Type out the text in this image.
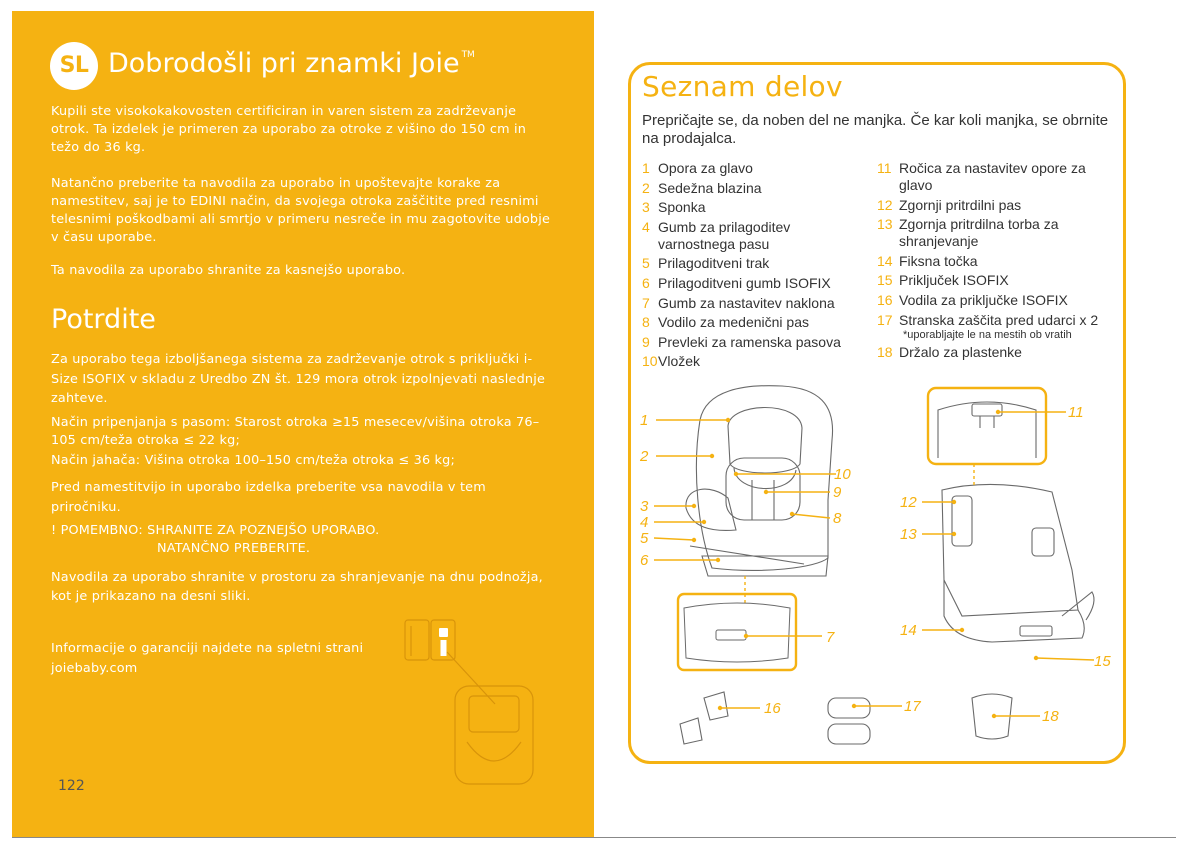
SL Dobrodošli pri znamki Joie ™

Kupili ste visokokakovosten certificiran in varen sistem za zadrževanje otrok. Ta izdelek je primeren za uporabo za otroke z višino do 150 cm in težo do 36 kg.

Natančno preberite ta navodila za uporabo in upoštevajte korake za namestitev, saj je to EDINI način, da svojega otroka zaščitite pred resnimi telesnimi poškodbami ali smrtjo v primeru nesreče in mu zagotovite udobje v času uporabe.

Ta navodila za uporabo shranite za kasnejšo uporabo.

Potrdite

Za uporabo tega izboljšanega sistema za zadrževanje otrok s priključki i-Size ISOFIX v skladu z Uredbo ZN št. 129 mora otrok izpolnjevati naslednje zahteve.

Način pripenjanja s pasom: Starost otroka ≥15 mesecev/višina otroka 76–105 cm/teža otroka ≤ 22 kg;

Način jahača: Višina otroka 100–150 cm/teža otroka ≤ 36 kg;

Pred namestitvijo in uporabo izdelka preberite vsa navodila v tem priročniku.

! POMEMBNO: SHRANITE ZA POZNEJŠO UPORABO.

NATANČNO PREBERITE.

Navodila za uporabo shranite v prostoru za shranjevanje na dnu podnožja, kot je prikazano na desni sliki.

Informacije o garanciji najdete na spletni strani joiebaby.com

122
Seznam delov

Prepričajte se, da noben del ne manjka. Če kar koli manjka, se obrnite na prodajalca.

1 Opora za glavo
2 Sedežna blazina
3 Sponka
4 Gumb za prilagoditev varnostnega pasu
5 Prilagoditveni trak
6 Prilagoditveni gumb ISOFIX
7 Gumb za nastavitev naklona
8 Vodilo za medenični pas
9 Prevleki za ramenska pasova
10 Vložek
11 Ročica za nastavitev opore za glavo
12 Zgornji pritrdilni pas
13 Zgornja pritrdilna torba za shranjevanje
14 Fiksna točka
15 Priključek ISOFIX
16 Vodila za priključke ISOFIX
17 Stranska zaščita pred udarci x 2
*uporabljajte le na mestih ob vratih
18 Držalo za plastenke
1
2
3
4
5
6
7
8
9
10
11
12
13
14
15
16	17
18
